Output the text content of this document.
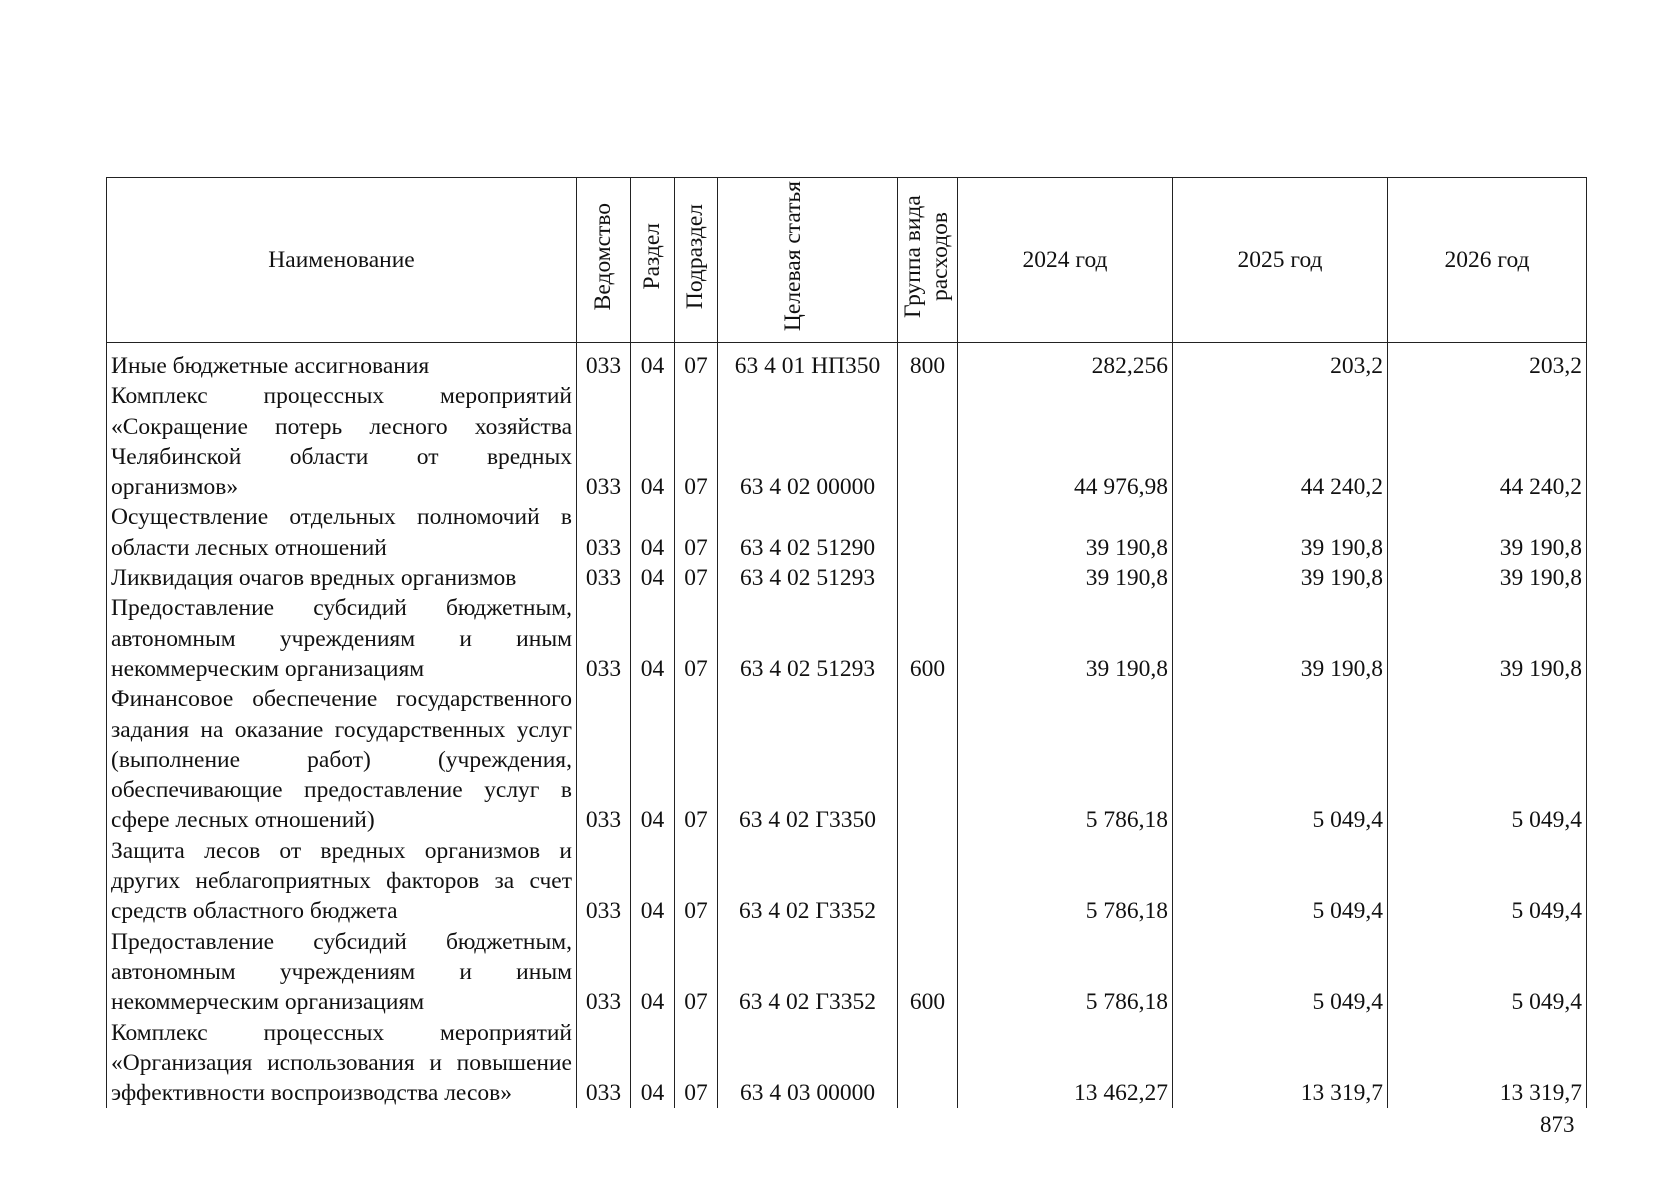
Наименование	Ведомство	Раздел	Подраздел	Целевая статья	Группа вида расходов	2024 год	2025 год	2026 год
Иные бюджетные ассигнования	033	04	07	63 4 01 НП350	800	282,256	203,2	203,2
Комплекс процессных мероприятий «Сокращение потерь лесного хозяйства Челябинской области от вредных организмов»	033	04	07	63 4 02 00000		44 976,98	44 240,2	44 240,2
Осуществление отдельных полномочий в области лесных отношений	033	04	07	63 4 02 51290		39 190,8	39 190,8	39 190,8
Ликвидация очагов вредных организмов	033	04	07	63 4 02 51293		39 190,8	39 190,8	39 190,8
Предоставление субсидий бюджетным, автономным учреждениям и иным некоммерческим организациям	033	04	07	63 4 02 51293	600	39 190,8	39 190,8	39 190,8
Финансовое обеспечение государственного задания на оказание государственных услуг (выполнение работ) (учреждения, обеспечивающие предоставление услуг в сфере лесных отношений)	033	04	07	63 4 02 Г3350		5 786,18	5 049,4	5 049,4
Защита лесов от вредных организмов и других неблагоприятных факторов за счет средств областного бюджета	033	04	07	63 4 02 Г3352		5 786,18	5 049,4	5 049,4
Предоставление субсидий бюджетным, автономным учреждениям и иным некоммерческим организациям	033	04	07	63 4 02 Г3352	600	5 786,18	5 049,4	5 049,4
Комплекс процессных мероприятий «Организация использования и повышение эффективности воспроизводства лесов»	033	04	07	63 4 03 00000		13 462,27	13 319,7	13 319,7
873
